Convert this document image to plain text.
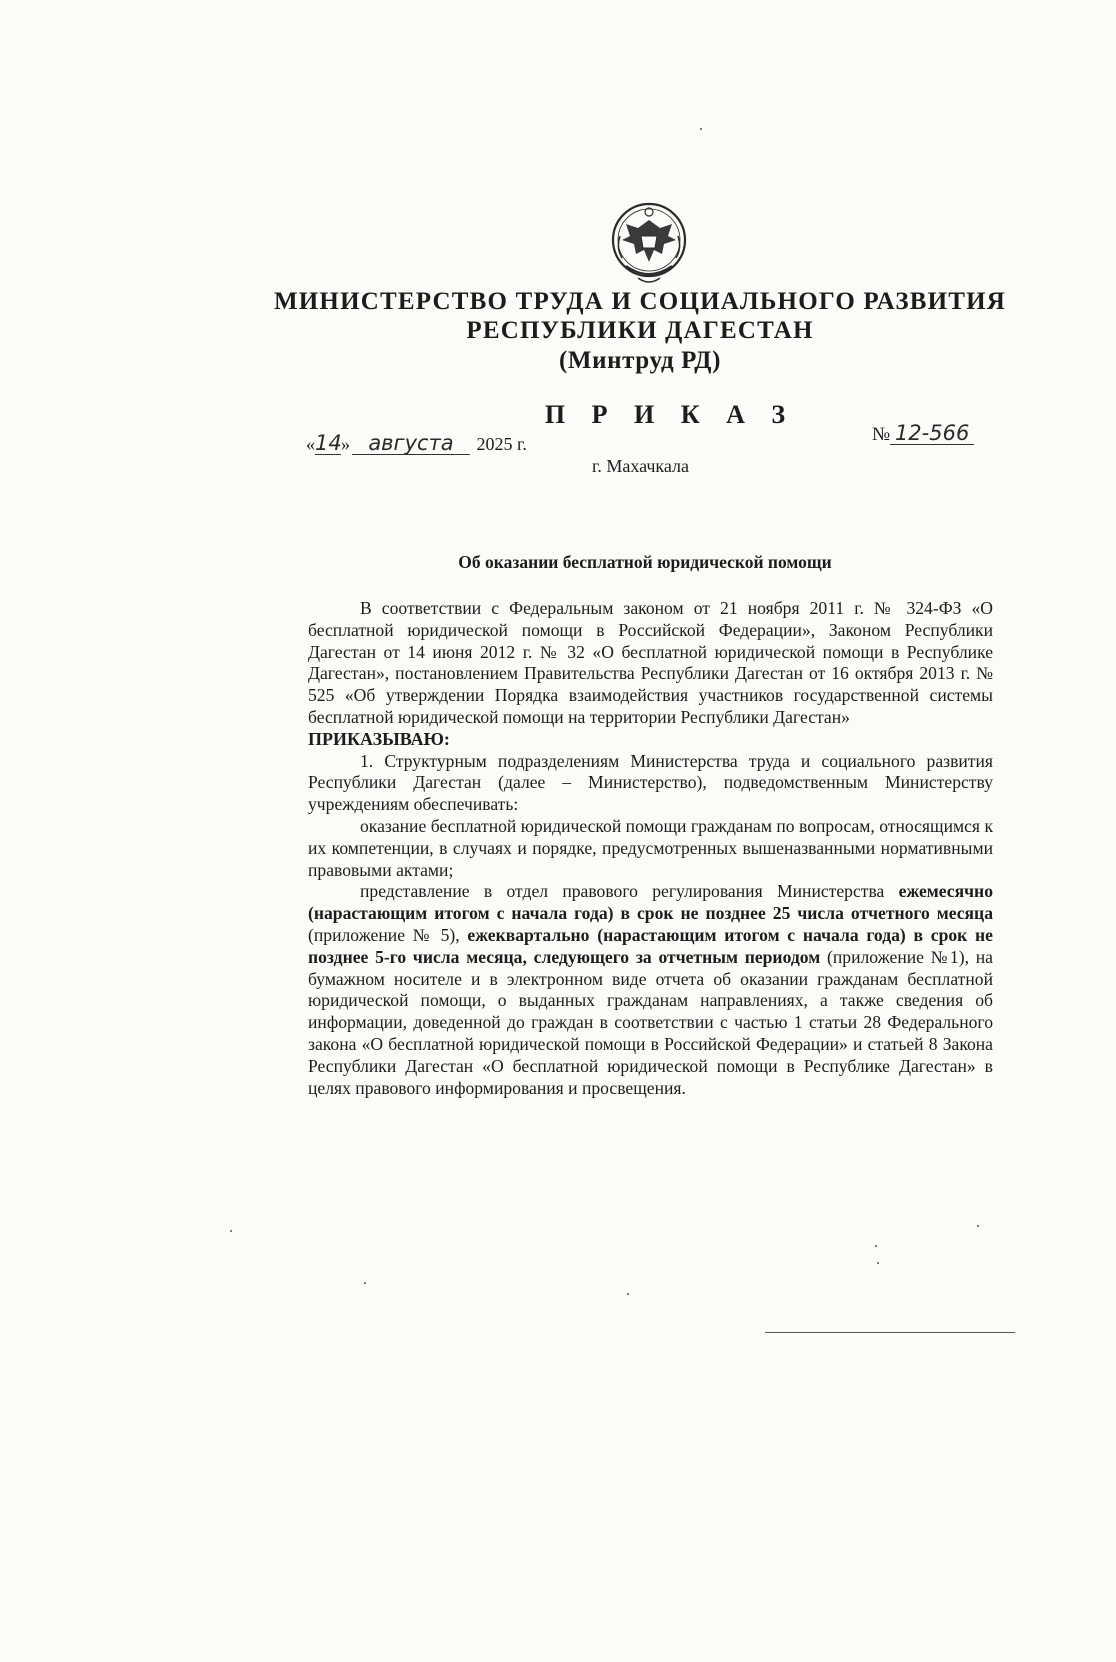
МИНИСТЕРСТВО ТРУДА И СОЦИАЛЬНОГО РАЗВИТИЯ
РЕСПУБЛИКИ ДАГЕСТАН
(Минтруд РД)
П Р И К А З
«14» августа 2025 г.	№ 12-566
г. Махачкала
Об оказании бесплатной юридической помощи

В соответствии с Федеральным законом от 21 ноября 2011 г. № 324-ФЗ «О бесплатной юридической помощи в Российской Федерации», Законом Республики Дагестан от 14 июня 2012 г. № 32 «О бесплатной юридической помощи в Республике Дагестан», постановлением Правительства Республики Дагестан от 16 октября 2013 г. № 525 «Об утверждении Порядка взаимодействия участников государственной системы бесплатной юридической помощи на территории Республики Дагестан»

ПРИКАЗЫВАЮ:

1. Структурным подразделениям Министерства труда и социального развития Республики Дагестан (далее – Министерство), подведомственным Министерству учреждениям обеспечивать:

оказание бесплатной юридической помощи гражданам по вопросам, относящимся к их компетенции, в случаях и порядке, предусмотренных вышеназванными нормативными правовыми актами;

представление в отдел правового регулирования Министерства ежемесячно (нарастающим итогом с начала года) в срок не позднее 25 числа отчетного месяца (приложение № 5), ежеквартально (нарастающим итогом с начала года) в срок не позднее 5-го числа месяца, следующего за отчетным периодом (приложение №1), на бумажном носителе и в электронном виде отчета об оказании гражданам бесплатной юридической помощи, о выданных гражданам направлениях, а также сведения об информации, доведенной до граждан в соответствии с частью 1 статьи 28 Федерального закона «О бесплатной юридической помощи в Российской Федерации» и статьей 8 Закона Республики Дагестан «О бесплатной юридической помощи в Республике Дагестан» в целях правового информирования и просвещения.
